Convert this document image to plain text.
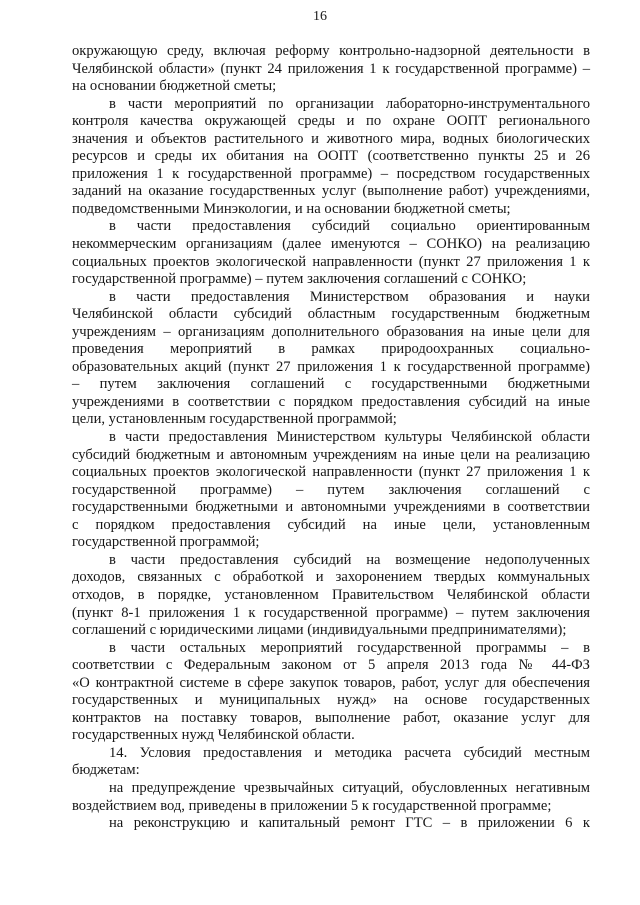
16

окружающую среду, включая реформу контрольно-надзорной деятельности в
Челябинской области» (пункт 24 приложения 1 к государственной программе) –
на основании бюджетной сметы;

в части мероприятий по организации лабораторно-инструментального
контроля качества окружающей среды и по охране ООПТ регионального
значения и объектов растительного и животного мира, водных биологических
ресурсов и среды их обитания на ООПТ (соответственно пункты 25 и 26
приложения 1 к государственной программе) – посредством государственных
заданий на оказание государственных услуг (выполнение работ) учреждениями,
подведомственными Минэкологии, и на основании бюджетной сметы;

в части предоставления субсидий социально ориентированным
некоммерческим организациям (далее именуются – СОНКО) на реализацию
социальных проектов экологической направленности (пункт 27 приложения 1 к
государственной программе) – путем заключения соглашений с СОНКО;

в части предоставления Министерством образования и науки
Челябинской области субсидий областным государственным бюджетным
учреждениям – организациям дополнительного образования на иные цели для
проведения мероприятий в рамках природоохранных социально-
образовательных акций (пункт 27 приложения 1 к государственной программе)
– путем заключения соглашений с государственными бюджетными
учреждениями в соответствии с порядком предоставления субсидий на иные
цели, установленным государственной программой;

в части предоставления Министерством культуры Челябинской области
субсидий бюджетным и автономным учреждениям на иные цели на реализацию
социальных проектов экологической направленности (пункт 27 приложения 1 к
государственной программе) – путем заключения соглашений с
государственными бюджетными и автономными учреждениями в соответствии
с порядком предоставления субсидий на иные цели, установленным
государственной программой;

в части предоставления субсидий на возмещение недополученных
доходов, связанных с обработкой и захоронением твердых коммунальных
отходов, в порядке, установленном Правительством Челябинской области
(пункт 8-1 приложения 1 к государственной программе) – путем заключения
соглашений с юридическими лицами (индивидуальными предпринимателями);

в части остальных мероприятий государственной программы – в
соответствии с Федеральным законом от 5 апреля 2013 года № 44-ФЗ
«О контрактной системе в сфере закупок товаров, работ, услуг для обеспечения
государственных и муниципальных нужд» на основе государственных
контрактов на поставку товаров, выполнение работ, оказание услуг для
государственных нужд Челябинской области.

14. Условия предоставления и методика расчета субсидий местным
бюджетам:

на предупреждение чрезвычайных ситуаций, обусловленных негативным
воздействием вод, приведены в приложении 5 к государственной программе;

на реконструкцию и капитальный ремонт ГТС – в приложении 6 к
